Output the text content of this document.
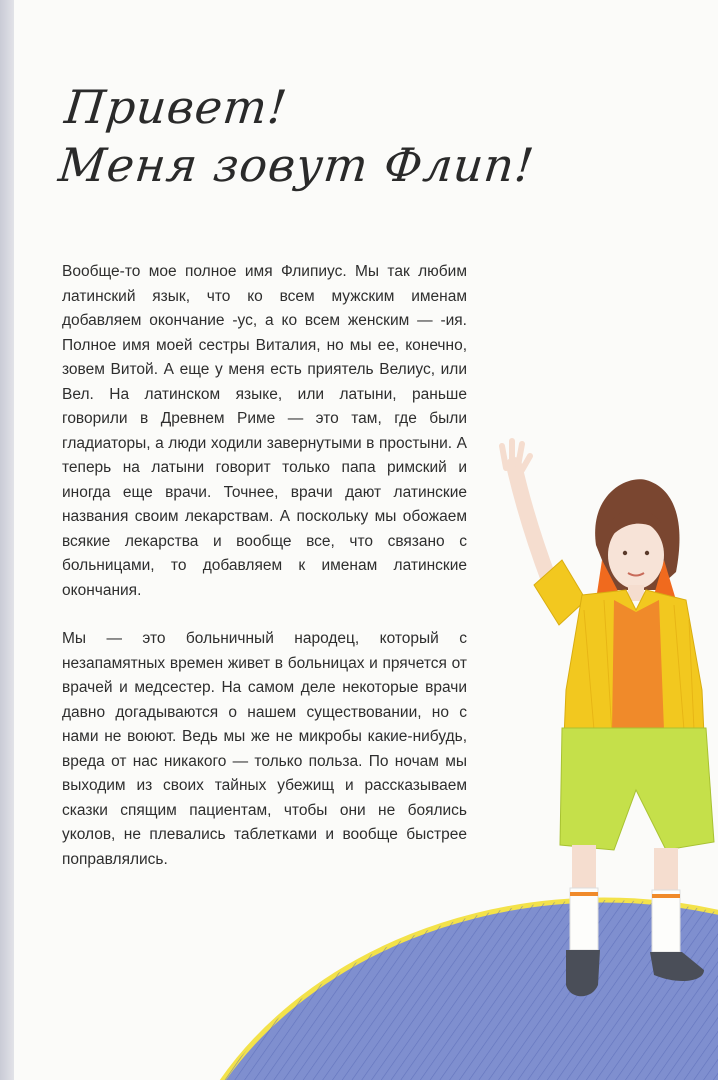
Привет!
Меня зовут Флип!

Вообще-то мое полное имя Флипиус. Мы так любим латинский язык, что ко всем мужским именам добавляем окончание -ус, а ко всем женским — -ия. Полное имя моей сестры Виталия, но мы ее, конечно, зовем Витой. А еще у меня есть приятель Велиус, или Вел. На латинском языке, или латыни, раньше говорили в Древнем Риме — это там, где были гладиаторы, а люди ходили завернутыми в простыни. А теперь на латыни говорит только папа римский и иногда еще врачи. Точнее, врачи дают латинские названия своим лекарствам. А поскольку мы обожаем всякие лекарства и вообще все, что связано с больницами, то добавляем к именам латинские окончания.

Мы — это больничный народец, который с незапамятных времен живет в больницах и прячется от врачей и медсестер. На самом деле некоторые врачи давно догадываются о нашем существовании, но с нами не воюют. Ведь мы же не микробы какие-нибудь, вреда от нас никакого — только польза. По ночам мы выходим из своих тайных убежищ и рассказываем сказки спящим пациентам, чтобы они не боялись уколов, не плевались таблетками и вообще быстрее поправлялись.
